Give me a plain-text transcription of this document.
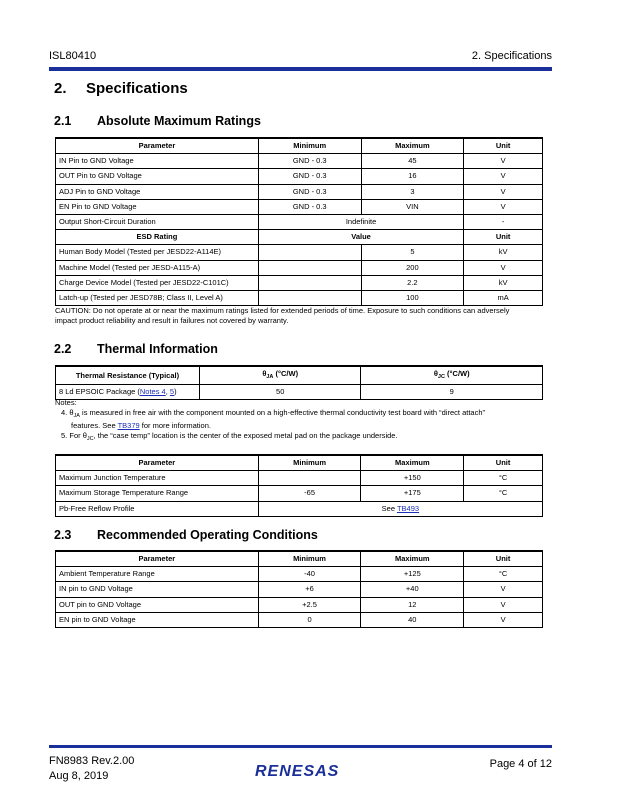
ISL80410	2. Specifications
2. Specifications
2.1 Absolute Maximum Ratings
Parameter	Minimum	Maximum	Unit
IN Pin to GND Voltage	GND - 0.3	45	V
OUT Pin to GND Voltage	GND - 0.3	16	V
ADJ Pin to GND Voltage	GND - 0.3	3	V
EN Pin to GND Voltage	GND - 0.3	VIN	V
Output Short-Circuit Duration	Indefinite		-
ESD Rating	Value		Unit
Human Body Model (Tested per JESD22-A114E)		5	kV
Machine Model (Tested per JESD-A115-A)		200	V
Charge Device Model (Tested per JESD22-C101C)		2.2	kV
Latch-up (Tested per JESD78B; Class II, Level A)		100	mA
CAUTION: Do not operate at or near the maximum ratings listed for extended periods of time. Exposure to such conditions can adversely impact product reliability and result in failures not covered by warranty.
2.2 Thermal Information
Thermal Resistance (Typical)	$\theta_{JA}$ (°C/W)	$\theta_{JC}$ (°C/W)
8 Ld EPSOIC Package (Notes 4, 5)	50	9
Notes:
4. $\theta_{JA}$ is measured in free air with the component mounted on a high-effective thermal conductivity test board with “direct attach”
features. See TB379 for more information.
5. For $\theta_{JC}$, the “case temp” location is the center of the exposed metal pad on the package underside.
Parameter	Minimum	Maximum	Unit
Maximum Junction Temperature		+150	°C
Maximum Storage Temperature Range	-65	+175	°C
Pb-Free Reflow Profile	See TB493		
2.3 Recommended Operating Conditions
Parameter	Minimum	Maximum	Unit
Ambient Temperature Range	-40	+125	°C
IN pin to GND Voltage	+6	+40	V
OUT pin to GND Voltage	+2.5	12	V
EN pin to GND Voltage	0	40	V
FN8983 Rev.2.00
Aug 8, 2019	RENESAS	Page 4 of 12
